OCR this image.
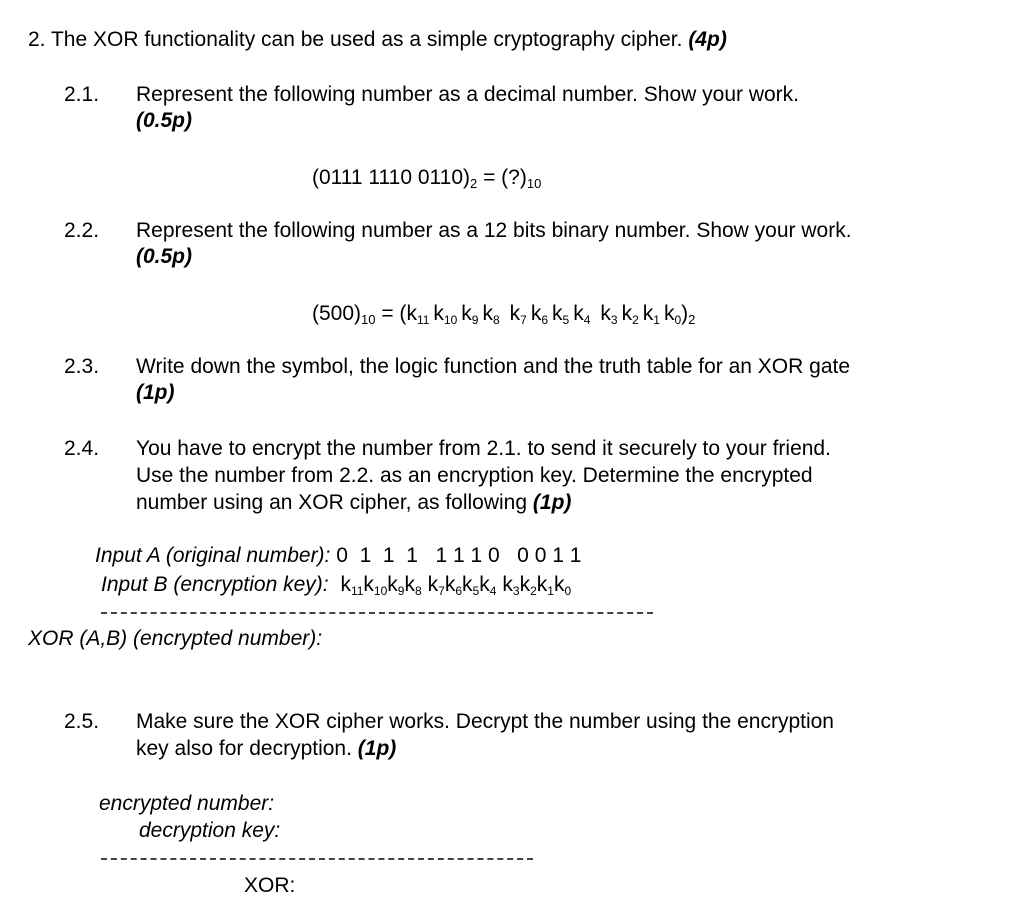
2. The XOR functionality can be used as a simple cryptography cipher. (4p)
2.1. Represent the following number as a decimal number. Show your work.
(0.5p)
(0111 1110 $0110)_2$ = $(?)_{10}$
2.2. Represent the following number as a 12 bits binary number. Show your work.
(0.5p)
$(500)_{10} = (k_{11}$ $k_{10}$ $k_9$ $k_8$ $k_7$ $k_6$ $k_5$ $k_4$ $k_3$ $k_2$ $k_1$ $k_0)_2$
2.3. Write down the symbol, the logic function and the truth table for an XOR gate
(1p)
2.4. You have to encrypt the number from 2.1. to send it securely to your friend.
Use the number from 2.2. as an encryption key. Determine the encrypted
number using an XOR cipher, as following (1p)
Input A (original number): 0  1  1  1   1 1 1 0   0 0 1 1
Input B (encryption key): $k_{11}k_{10}k_9k_8$ $k_7k_6k_5k_4$ $k_3k_2k_1k_0$
XOR (A,B) (encrypted number):
2.5. Make sure the XOR cipher works. Decrypt the number using the encryption
key also for decryption. (1p)
encrypted number:
decryption key:
XOR:
